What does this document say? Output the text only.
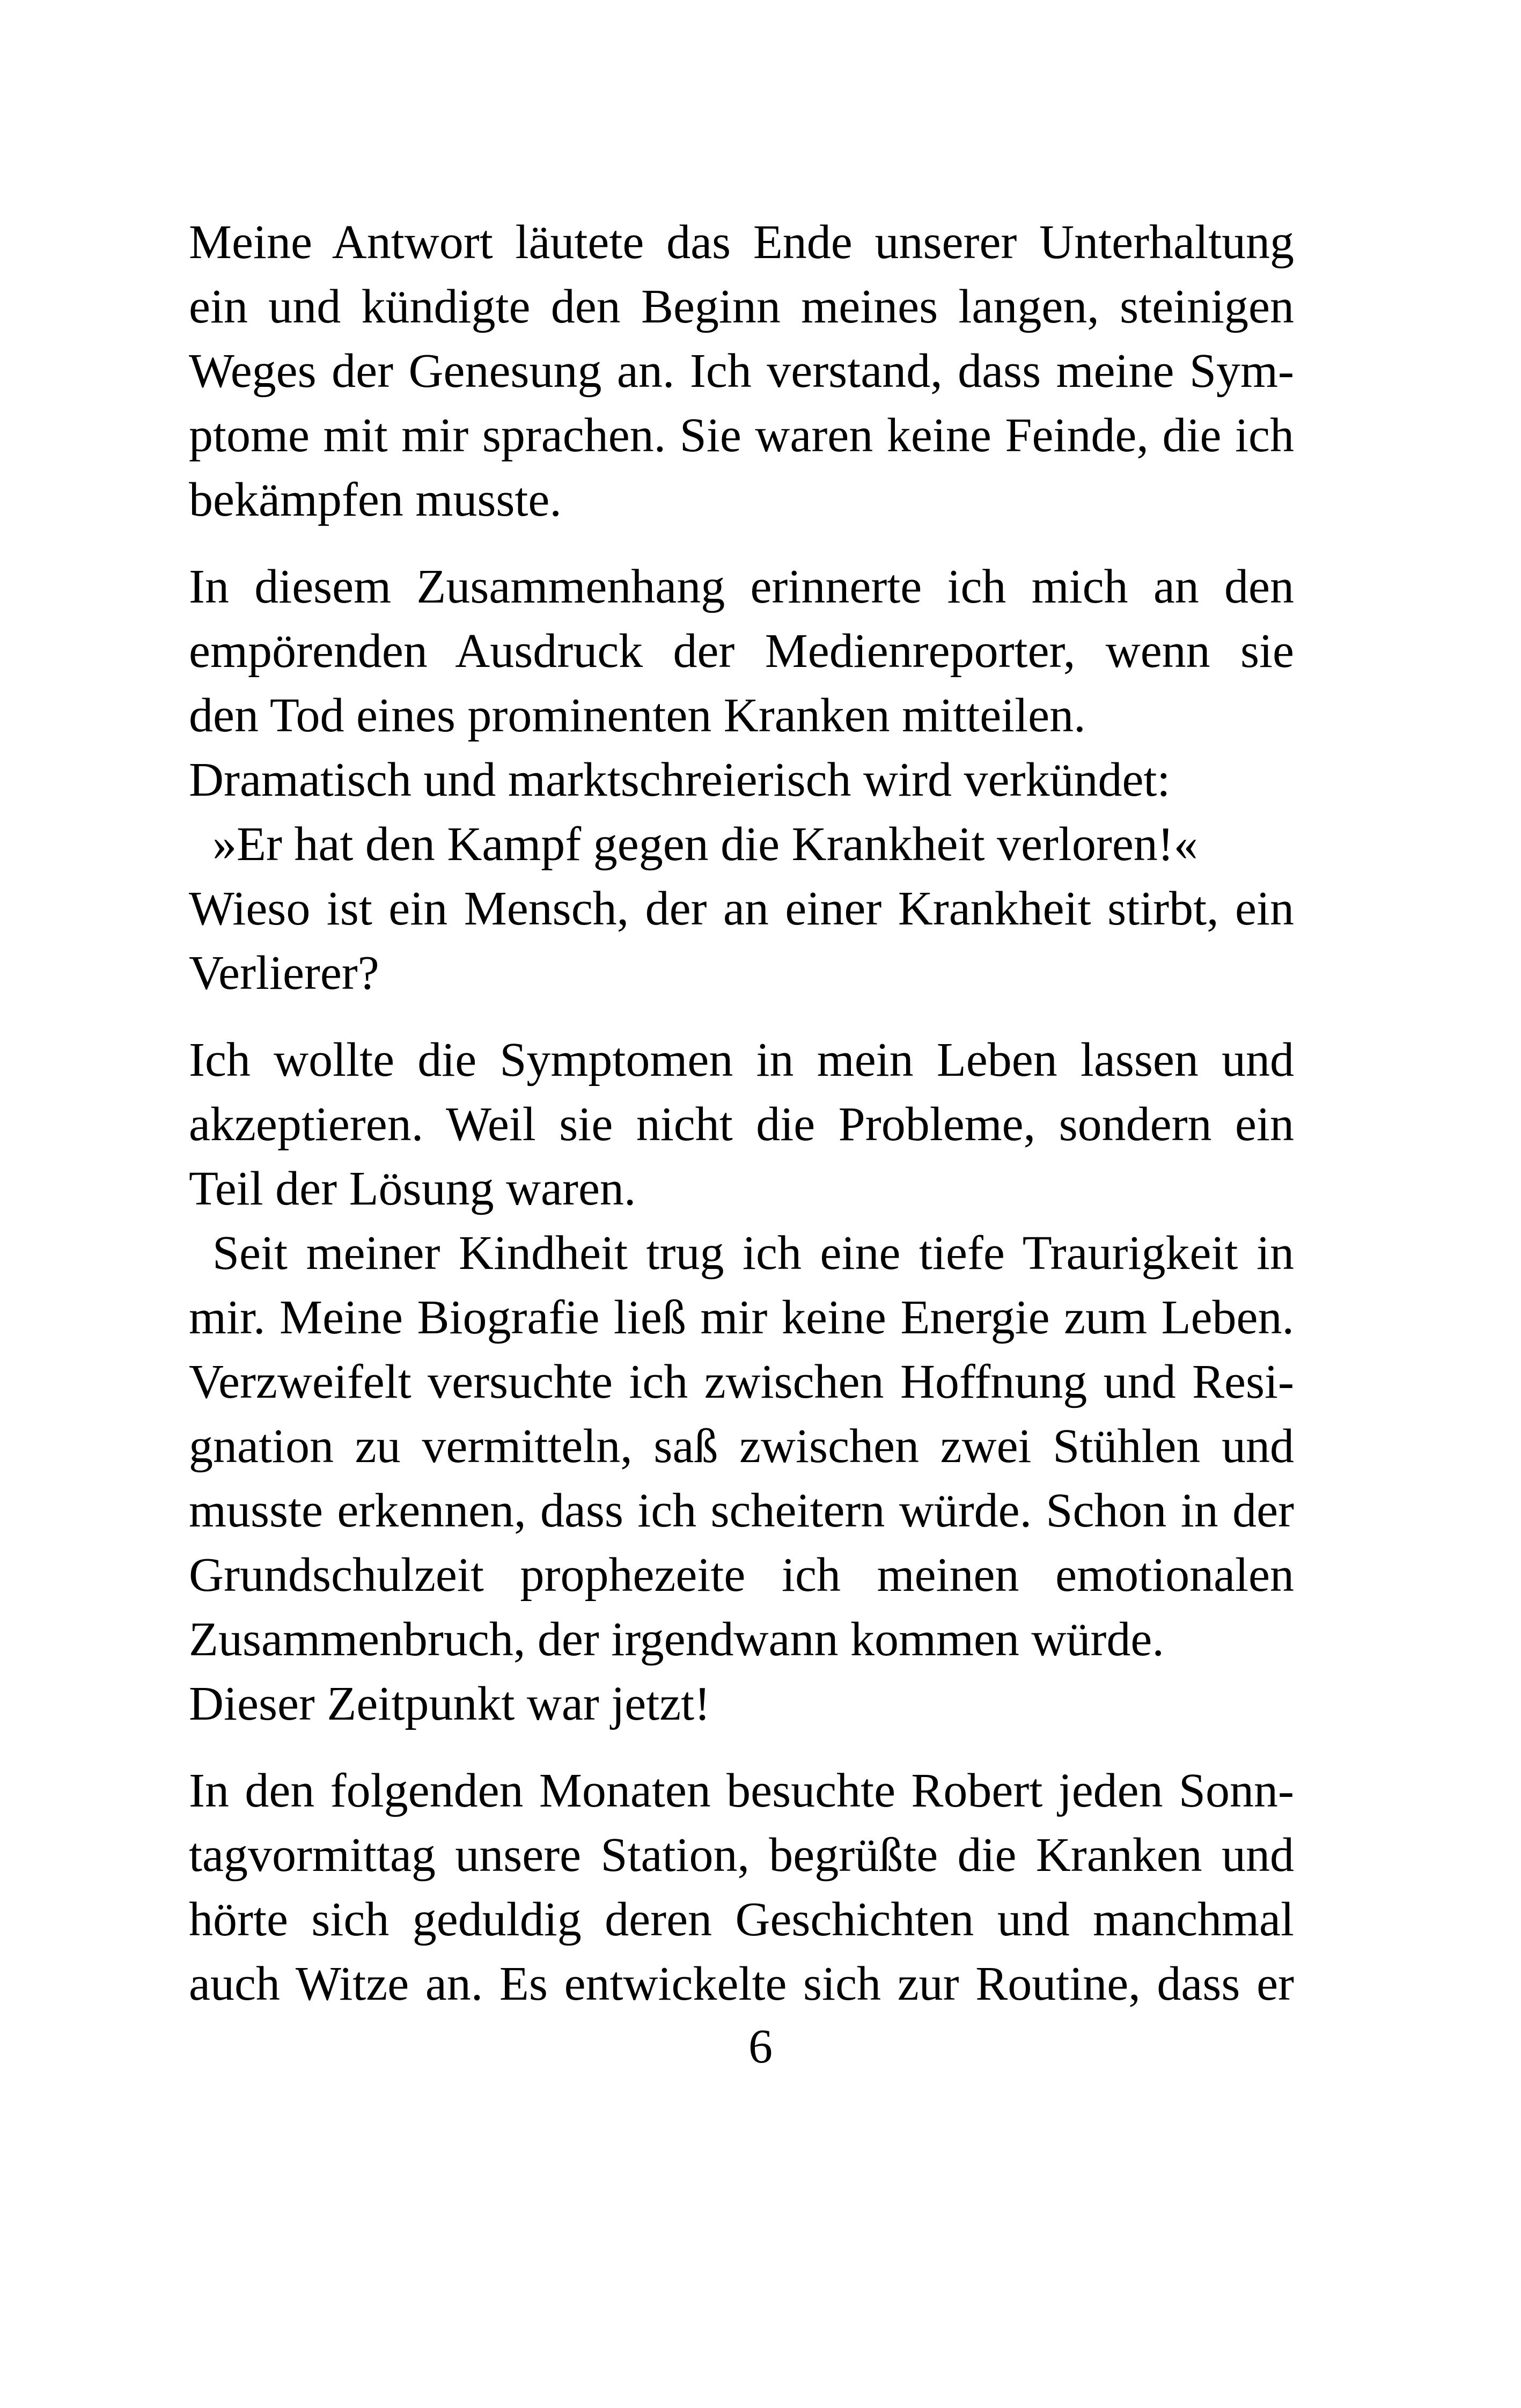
Meine Antwort läutete das Ende unserer Unterhaltung
ein und kündigte den Beginn meines langen, steinigen
Weges der Genesung an. Ich verstand, dass meine Sym-
ptome mit mir sprachen. Sie waren keine Feinde, die ich
bekämpfen musste.

In diesem Zusammenhang erinnerte ich mich an den
empörenden Ausdruck der Medienreporter, wenn sie
den Tod eines prominenten Kranken mitteilen.
Dramatisch und marktschreierisch wird verkündet:
»Er hat den Kampf gegen die Krankheit verloren!«
Wieso ist ein Mensch, der an einer Krankheit stirbt, ein
Verlierer?

Ich wollte die Symptomen in mein Leben lassen und
akzeptieren. Weil sie nicht die Probleme, sondern ein
Teil der Lösung waren.

Seit meiner Kindheit trug ich eine tiefe Traurigkeit in
mir. Meine Biografie ließ mir keine Energie zum Leben.
Verzweifelt versuchte ich zwischen Hoffnung und Resi-
gnation zu vermitteln, saß zwischen zwei Stühlen und
musste erkennen, dass ich scheitern würde. Schon in der
Grundschulzeit prophezeite ich meinen emotionalen
Zusammenbruch, der irgendwann kommen würde.
Dieser Zeitpunkt war jetzt!

In den folgenden Monaten besuchte Robert jeden Sonn-
tagvormittag unsere Station, begrüßte die Kranken und
hörte sich geduldig deren Geschichten und manchmal
auch Witze an. Es entwickelte sich zur Routine, dass er

6
